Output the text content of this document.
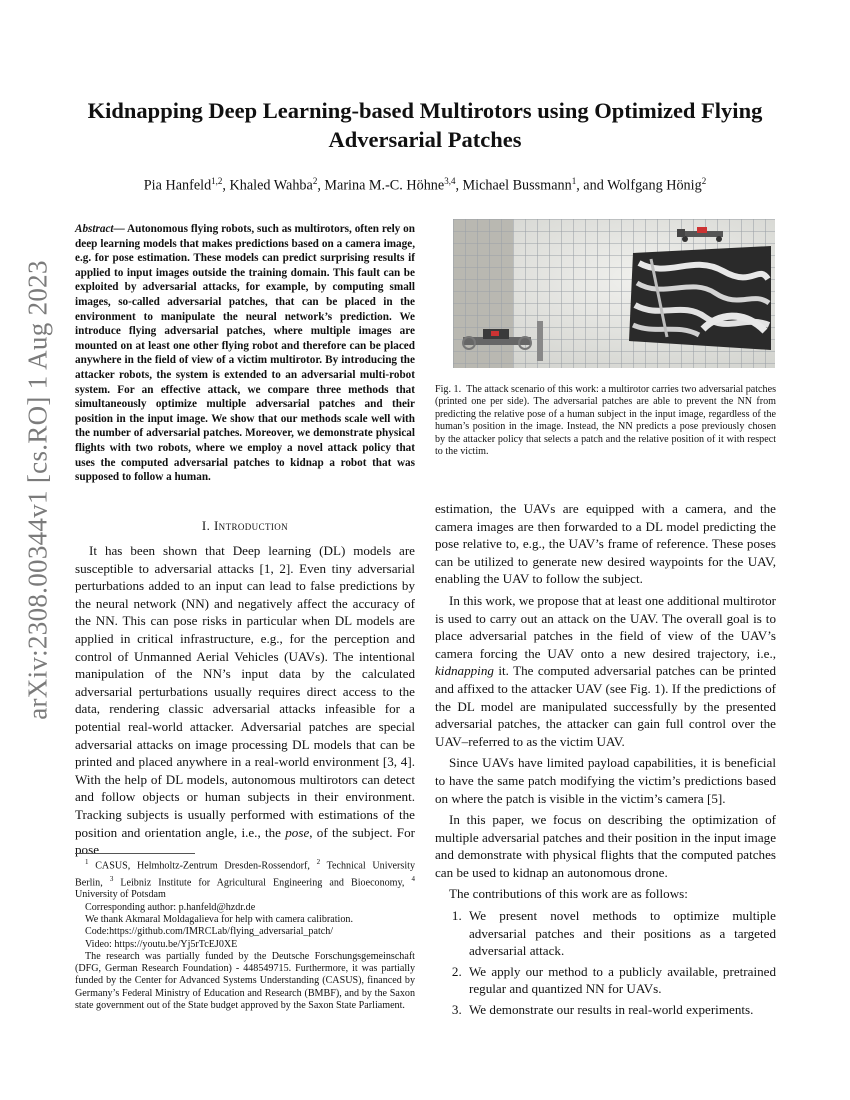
arXiv:2308.00344v1 [cs.RO] 1 Aug 2023
Kidnapping Deep Learning-based Multirotors using Optimized Flying Adversarial Patches
Pia Hanfeld$^{1,2}$, Khaled Wahba$^2$, Marina M.-C. Höhne$^{3,4}$, Michael Bussmann$^1$, and Wolfgang Hönig$^2$
Abstract— Autonomous flying robots, such as multirotors, often rely on deep learning models that makes predictions based on a camera image, e.g. for pose estimation. These models can predict surprising results if applied to input images outside the training domain. This fault can be exploited by adversarial attacks, for example, by computing small images, so-called adversarial patches, that can be placed in the environment to manipulate the neural network’s prediction. We introduce flying adversarial patches, where multiple images are mounted on at least one other flying robot and therefore can be placed anywhere in the field of view of a victim multirotor. By introducing the attacker robots, the system is extended to an adversarial multi-robot system. For an effective attack, we compare three methods that simultaneously optimize multiple adversarial patches and their position in the input image. We show that our methods scale well with the number of adversarial patches. Moreover, we demonstrate physical flights with two robots, where we employ a novel attack policy that uses the computed adversarial patches to kidnap a robot that was supposed to follow a human.
I. Introduction

It has been shown that Deep learning (DL) models are susceptible to adversarial attacks [1, 2]. Even tiny adversarial perturbations added to an input can lead to false predictions by the neural network (NN) and negatively affect the accuracy of the NN. This can pose risks in particular when DL models are applied in critical infrastructure, e.g., for the perception and control of Unmanned Aerial Vehicles (UAVs). The intentional manipulation of the NN’s input data by the calculated adversarial perturbations usually requires direct access to the data, rendering classic adversarial attacks infeasible for a potential real-world attacker. Adversarial patches are special adversarial attacks on image processing DL models that can be printed and placed anywhere in a real-world environment [3, 4]. With the help of DL models, autonomous multirotors can detect and follow objects or human subjects in their environment. Tracking subjects is usually performed with estimations of the position and orientation angle, i.e., the pose, of the subject. For pose

$^1$ CASUS, Helmholtz-Zentrum Dresden-Rossendorf, $^2$ Technical University Berlin, $^3$ Leibniz Institute for Agricultural Engineering and Bioeconomy, $^4$ University of Potsdam

Corresponding author: p.hanfeld@hzdr.de

We thank Akmaral Moldagalieva for help with camera calibration.

Code:https://github.com/IMRCLab/flying_adversarial_patch/

Video: https://youtu.be/Yj5rTcEJ0XE

The research was partially funded by the Deutsche Forschungsgemeinschaft (DFG, German Research Foundation) - 448549715. Furthermore, it was partially funded by the Center for Advanced Systems Understanding (CASUS), financed by Germany’s Federal Ministry of Education and Research (BMBF), and by the Saxon state government out of the State budget approved by the Saxon State Parliament.

Fig. 1. The attack scenario of this work: a multirotor carries two adversarial patches (printed one per side). The adversarial patches are able to prevent the NN from predicting the relative pose of a human subject in the input image, regardless of the human’s position in the image. Instead, the NN predicts a pose previously chosen by the attacker policy that selects a patch and the relative position of it with respect to the victim.

estimation, the UAVs are equipped with a camera, and the camera images are then forwarded to a DL model predicting the pose relative to, e.g., the UAV’s frame of reference. These poses can be utilized to generate new desired waypoints for the UAV, enabling the UAV to follow the subject.

In this work, we propose that at least one additional multirotor is used to carry out an attack on the UAV. The overall goal is to place adversarial patches in the field of view of the UAV’s camera forcing the UAV onto a new desired trajectory, i.e., kidnapping it. The computed adversarial patches can be printed and affixed to the attacker UAV (see Fig. 1). If the predictions of the DL model are manipulated successfully by the presented adversarial patches, the attacker can gain full control over the UAV–referred to as the victim UAV.

Since UAVs have limited payload capabilities, it is beneficial to have the same patch modifying the victim’s predictions based on where the patch is visible in the victim’s camera [5].

In this paper, we focus on describing the optimization of multiple adversarial patches and their position in the input image and demonstrate with physical flights that the computed patches can be used to kidnap an autonomous drone.

The contributions of this work are as follows:

1. We present novel methods to optimize multiple adversarial patches and their positions as a targeted adversarial attack.
2. We apply our method to a publicly available, pretrained regular and quantized NN for UAVs.
3. We demonstrate our results in real-world experiments.
